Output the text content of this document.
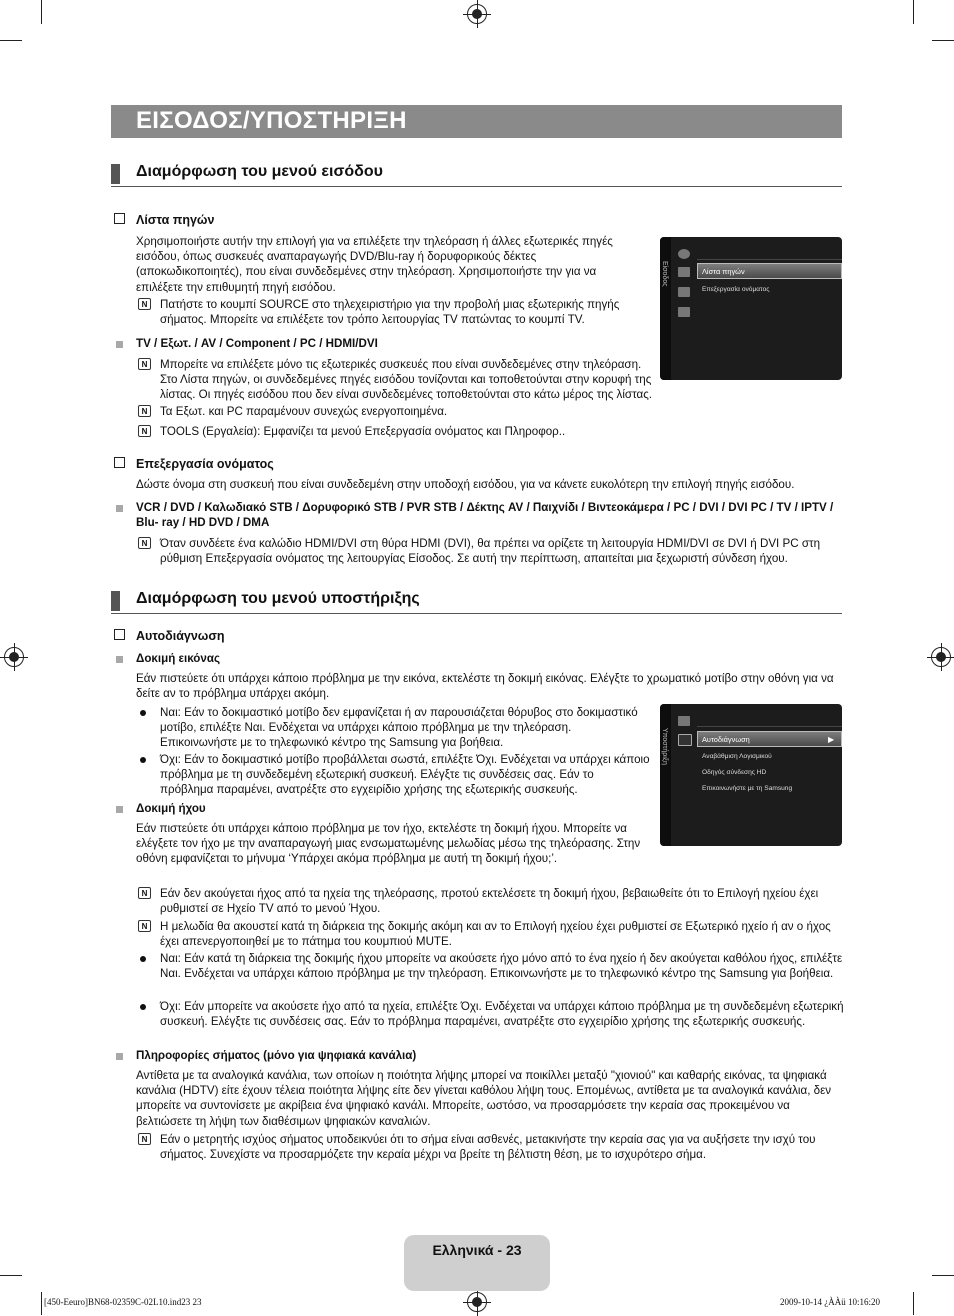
ΕΙΣΟΔΟΣ/ΥΠΟΣΤΗΡΙΞΗ
Διαμόρφωση του μενού εισόδου
Λίστα πηγών
Χρησιμοποιήστε αυτήν την επιλογή για να επιλέξετε την τηλεόραση ή άλλες εξωτερικές πηγές εισόδου, όπως συσκευές αναπαραγωγής DVD/Blu-ray ή δορυφορικούς δέκτες (αποκωδικοποιητές), που είναι συνδεδεμένες στην τηλεόραση. Χρησιμοποιήστε την για να επιλέξετε την επιθυμητή πηγή εισόδου.
N	Πατήστε το κουμπί SOURCE στο τηλεχειριστήριο για την προβολή μιας εξωτερικής πηγής σήματος. Μπορείτε να επιλέξετε τον τρόπο λειτουργίας TV πατώντας το κουμπί TV.
TV / Εξωτ. / AV / Component / PC / HDMI/DVI
N	Μπορείτε να επιλέξετε μόνο τις εξωτερικές συσκευές που είναι συνδεδεμένες στην τηλεόραση. Στο Λίστα πηγών, οι συνδεδεμένες πηγές εισόδου τονίζονται και τοποθετούνται στην κορυφή της λίστας. Οι πηγές εισόδου που δεν είναι συνδεδεμένες τοποθετούνται στο κάτω μέρος της λίστας.
N	Τα Εξωτ. και PC παραμένουν συνεχώς ενεργοποιημένα.
N	TOOLS (Εργαλεία): Εμφανίζει τα μενού Επεξεργασία ονόματος και Πληροφορ..
Είσοδος	Λίστα πηγών
Επεξεργασία ονόματος
Επεξεργασία ονόματος
Δώστε όνομα στη συσκευή που είναι συνδεδεμένη στην υποδοχή εισόδου, για να κάνετε ευκολότερη την επιλογή πηγής εισόδου.
VCR / DVD / Καλωδιακό STB / Δορυφορικό STB / PVR STB / Δέκτης AV / Παιχνίδι / Βιντεοκάμερα / PC / DVI / DVI PC / TV / IPTV / Blu- ray / HD DVD / DMA
N	Όταν συνδέετε ένα καλώδιο HDMI/DVI στη θύρα HDMI (DVI), θα πρέπει να ορίζετε τη λειτουργία HDMI/DVI σε DVI ή DVI PC στη ρύθμιση Επεξεργασία ονόματος της λειτουργίας Είσοδος. Σε αυτή την περίπτωση, απαιτείται μια ξεχωριστή σύνδεση ήχου.
Διαμόρφωση του μενού υποστήριξης
Αυτοδιάγνωση
Δοκιμή εικόνας
Εάν πιστεύετε ότι υπάρχει κάποιο πρόβλημα με την εικόνα, εκτελέστε τη δοκιμή εικόνας. Ελέγξτε το χρωματικό μοτίβο στην οθόνη για να δείτε αν το πρόβλημα υπάρχει ακόμη.
Ναι: Εάν το δοκιμαστικό μοτίβο δεν εμφανίζεται ή αν παρουσιάζεται θόρυβος στο δοκιμαστικό μοτίβο, επιλέξτε Ναι. Ενδέχεται να υπάρχει κάποιο πρόβλημα με την τηλεόραση. Επικοινωνήστε με το τηλεφωνικό κέντρο της Samsung για βοήθεια.
Όχι: Εάν το δοκιμαστικό μοτίβο προβάλλεται σωστά, επιλέξτε Όχι. Ενδέχεται να υπάρχει κάποιο πρόβλημα με τη συνδεδεμένη εξωτερική συσκευή. Ελέγξτε τις συνδέσεις σας. Εάν το πρόβλημα παραμένει, ανατρέξτε στο εγχειρίδιο χρήσης της εξωτερικής συσκευής.
Δοκιμή ήχου
Εάν πιστεύετε ότι υπάρχει κάποιο πρόβλημα με τον ήχο, εκτελέστε τη δοκιμή ήχου. Μπορείτε να ελέγξετε τον ήχο με την αναπαραγωγή μιας ενσωματωμένης μελωδίας μέσω της τηλεόρασης. Στην οθόνη εμφανίζεται το μήνυμα ‘Υπάρχει ακόμα πρόβλημα με αυτή τη δοκιμή ήχου;’.
Υποστήριξη	Αυτοδιάγνωση	▶
Αναβάθμιση Λογισμικού
Οδηγός σύνδεσης HD
Επικοινωνήστε με τη Samsung
N	Εάν δεν ακούγεται ήχος από τα ηχεία της τηλεόρασης, προτού εκτελέσετε τη δοκιμή ήχου, βεβαιωθείτε ότι το Επιλογή ηχείου έχει ρυθμιστεί σε Ηχείο TV από το μενού Ήχου.
N	Η μελωδία θα ακουστεί κατά τη διάρκεια της δοκιμής ακόμη και αν το Επιλογή ηχείου έχει ρυθμιστεί σε Εξωτερικό ηχείο ή αν ο ήχος έχει απενεργοποιηθεί με το πάτημα του κουμπιού MUTE.
Ναι: Εάν κατά τη διάρκεια της δοκιμής ήχου μπορείτε να ακούσετε ήχο μόνο από το ένα ηχείο ή δεν ακούγεται καθόλου ήχος, επιλέξτε Ναι. Ενδέχεται να υπάρχει κάποιο πρόβλημα με την τηλεόραση. Επικοινωνήστε με το τηλεφωνικό κέντρο της Samsung για βοήθεια.
Όχι: Εάν μπορείτε να ακούσετε ήχο από τα ηχεία, επιλέξτε Όχι. Ενδέχεται να υπάρχει κάποιο πρόβλημα με τη συνδεδεμένη εξωτερική συσκευή. Ελέγξτε τις συνδέσεις σας. Εάν το πρόβλημα παραμένει, ανατρέξτε στο εγχειρίδιο χρήσης της εξωτερικής συσκευής.
Πληροφορίες σήματος (μόνο για ψηφιακά κανάλια)
Αντίθετα με τα αναλογικά κανάλια, των οποίων η ποιότητα λήψης μπορεί να ποικίλλει μεταξύ "χιονιού" και καθαρής εικόνας, τα ψηφιακά κανάλια (HDTV) είτε έχουν τέλεια ποιότητα λήψης είτε δεν γίνεται καθόλου λήψη τους. Επομένως, αντίθετα με τα αναλογικά κανάλια, δεν μπορείτε να συντονίσετε με ακρίβεια ένα ψηφιακό κανάλι. Μπορείτε, ωστόσο, να προσαρμόσετε την κεραία σας προκειμένου να βελτιώσετε τη λήψη των διαθέσιμων ψηφιακών καναλιών.
N	Εάν ο μετρητής ισχύος σήματος υποδεικνύει ότι το σήμα είναι ασθενές, μετακινήστε την κεραία σας για να αυξήσετε την ισχύ του σήματος. Συνεχίστε να προσαρμόζετε την κεραία μέχρι να βρείτε τη βέλτιστη θέση, με το ισχυρότερο σήμα.
Ελληνικά - 23
[450-Eeuro]BN68-02359C-02L10.ind23 23	2009-10-14 ¿ÀÀü 10:16:20
